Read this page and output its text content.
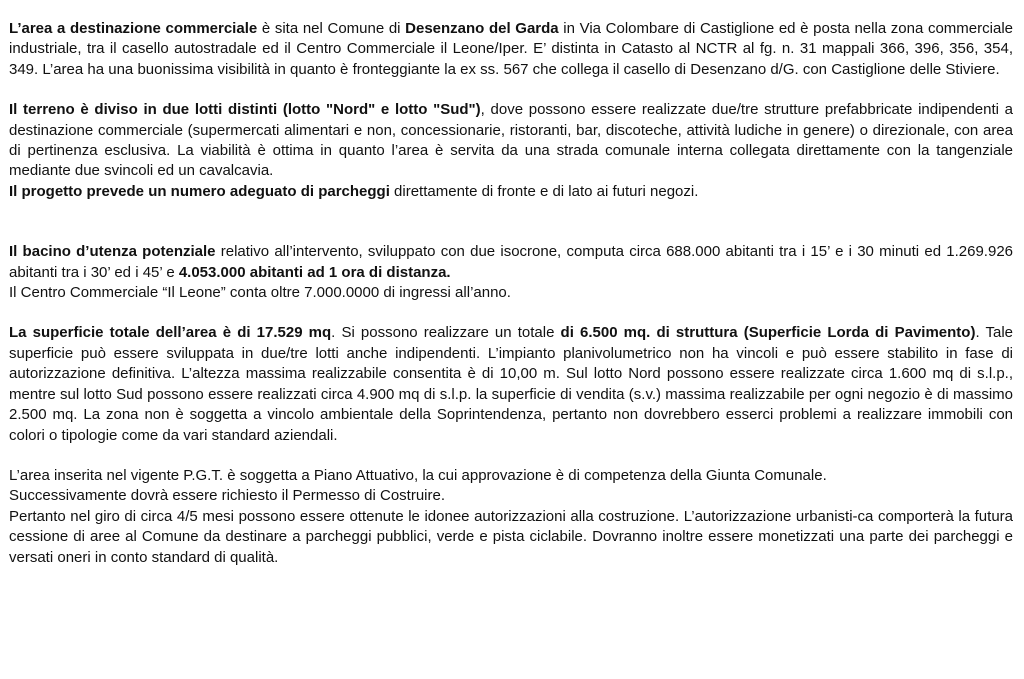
L’area a destinazione commerciale è sita nel Comune di Desenzano del Garda in Via Colombare di Castiglione ed è posta nella zona commerciale industriale, tra il casello autostradale ed il Centro Commerciale il Leone/Iper. E’ distinta in Catasto al NCTR al fg. n. 31 mappali 366, 396, 356, 354, 349. L’area ha una buonissima visibilità in quanto è fronteggiante la ex ss. 567 che collega il casello di Desenzano d/G. con Castiglione delle Stiviere.

Il terreno è diviso in due lotti distinti (lotto "Nord" e lotto "Sud"), dove possono essere realizzate due/tre strutture prefabbricate indipendenti a destinazione commerciale (supermercati alimentari e non, concessionarie, ristoranti, bar, discoteche, attività ludiche in genere) o direzionale, con area di pertinenza esclusiva. La viabilità è ottima in quanto l’area è servita da una strada comunale interna collegata direttamente con la tangenziale mediante due svincoli ed un cavalcavia.
Il progetto prevede un numero adeguato di parcheggi direttamente di fronte e di lato ai futuri negozi.

Il bacino d’utenza potenziale relativo all’intervento, sviluppato con due isocrone, computa circa 688.000 abitanti tra i 15’ e i 30 minuti ed 1.269.926 abitanti tra i 30’ ed i 45’ e 4.053.000 abitanti ad 1 ora di distanza.
Il Centro Commerciale “Il Leone” conta oltre 7.000.0000 di ingressi all’anno.

La superficie totale dell’area è di 17.529 mq. Si possono realizzare un totale di 6.500 mq. di struttura (Superficie Lorda di Pavimento). Tale superficie può essere sviluppata in due/tre lotti anche indipendenti. L’impianto planivolumetrico non ha vincoli e può essere stabilito in fase di autorizzazione definitiva. L’altezza massima realizzabile consentita è di 10,00 m. Sul lotto Nord possono essere realizzate circa 1.600 mq di s.l.p., mentre sul lotto Sud possono essere realizzati circa 4.900 mq di s.l.p. la superficie di vendita (s.v.) massima realizzabile per ogni negozio è di massimo 2.500 mq. La zona non è soggetta a vincolo ambientale della Soprintendenza, pertanto non dovrebbero esserci problemi a realizzare immobili con colori o tipologie come da vari standard aziendali.

L’area inserita nel vigente P.G.T. è soggetta a Piano Attuativo, la cui approvazione è di competenza della Giunta Comunale.
Successivamente dovrà essere richiesto il Permesso di Costruire.

Pertanto nel giro di circa 4/5 mesi possono essere ottenute le idonee autorizzazioni alla costruzione. L’autorizzazione urbanisti-ca comporterà la futura cessione di aree al Comune da destinare a parcheggi pubblici, verde e pista ciclabile. Dovranno inoltre essere monetizzati una parte dei parcheggi e versati oneri in conto standard di qualità.
